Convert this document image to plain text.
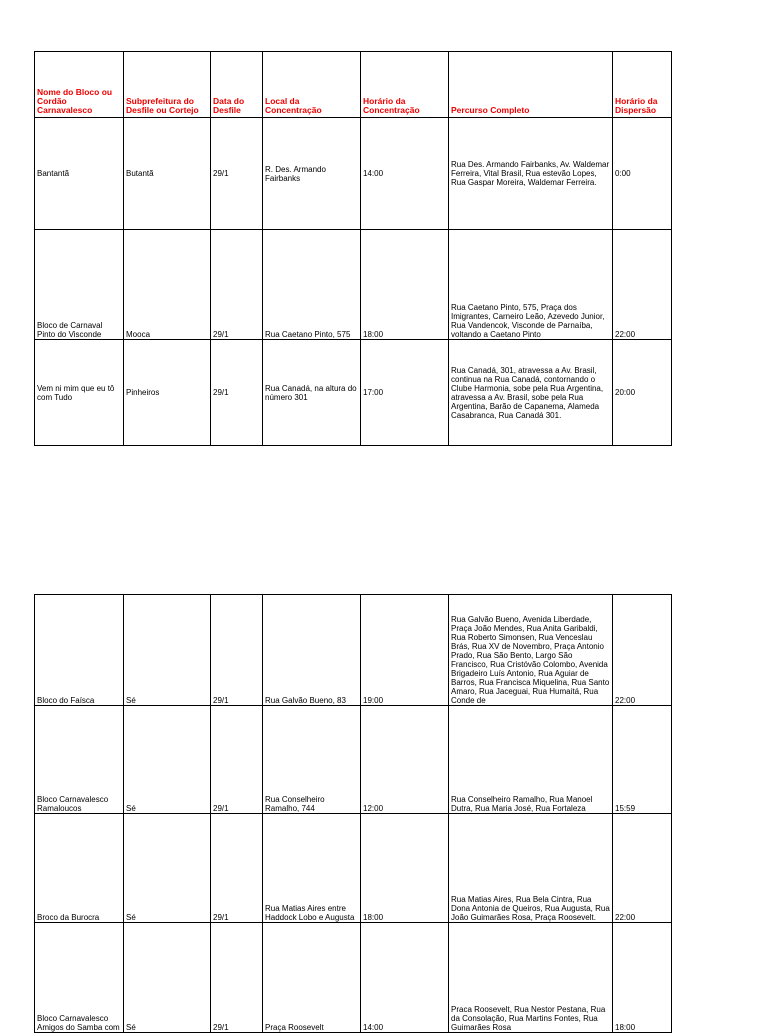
Nome do Bloco ou Cordão Carnavalesco	Subprefeitura do Desfile ou Cortejo	Data do Desfile	Local da Concentração	Horário da Concentração	Percurso Completo	Horário da Dispersão
Bantantã	Butantã	29/1	R. Des. Armando Fairbanks	14:00	Rua Des. Armando Fairbanks, Av. Waldemar Ferreira, Vital Brasil, Rua estevão Lopes, Rua Gaspar Moreira, Waldemar Ferreira.	0:00
Bloco de Carnaval Pinto do Visconde	Mooca	29/1	Rua Caetano Pinto, 575	18:00	Rua Caetano Pinto, 575, Praça dos Imigrantes, Carneiro Leão, Azevedo Junior, Rua Vandencok, Visconde de Parnaíba, voltando a Caetano Pinto	22:00
Vem ni mim que eu tô com Tudo	Pinheiros	29/1	Rua Canadá, na altura do número 301	17:00	Rua Canadá, 301, atravessa a Av. Brasil, continua na Rua Canadá, contornando o Clube Harmonia, sobe pela Rua Argentina, atravessa a Av. Brasil, sobe pela Rua Argentina, Barão de Capanema, Alameda Casabranca, Rua Canadá 301.	20:00
Bloco do Faísca	Sé	29/1	Rua Galvão Bueno, 83	19:00	Rua Galvão Bueno, Avenida Liberdade, Praça João Mendes, Rua Anita Garibaldi, Rua Roberto Simonsen, Rua Venceslau Brás, Rua XV de Novembro, Praça Antonio Prado, Rua São Bento, Largo São Francisco, Rua Cristóvão Colombo, Avenida Brigadeiro Luís Antonio, Rua Aguiar de Barros, Rua Francisca Miquelina, Rua Santo Amaro, Rua Jaceguai, Rua Humaitá, Rua Conde de	22:00
Bloco Carnavalesco Ramaloucos	Sé	29/1	Rua Conselheiro Ramalho, 744	12:00	Rua Conselheiro Ramalho, Rua Manoel Dutra, Rua Maria José, Rua Fortaleza	15:59
Broco da Burocra	Sé	29/1	Rua Matias Aires entre Haddock Lobo e Augusta	18:00	Rua Matias Aires, Rua Bela Cintra, Rua Dona Antonia de Queiros, Rua Augusta, Rua João Guimarães Rosa, Praça Roosevelt.	22:00
Bloco Carnavalesco Amigos do Samba com	Sé	29/1	Praça Roosevelt	14:00	Praca Roosevelt, Rua Nestor Pestana, Rua da Consolação, Rua Martins Fontes, Rua Guimarães Rosa	18:00
